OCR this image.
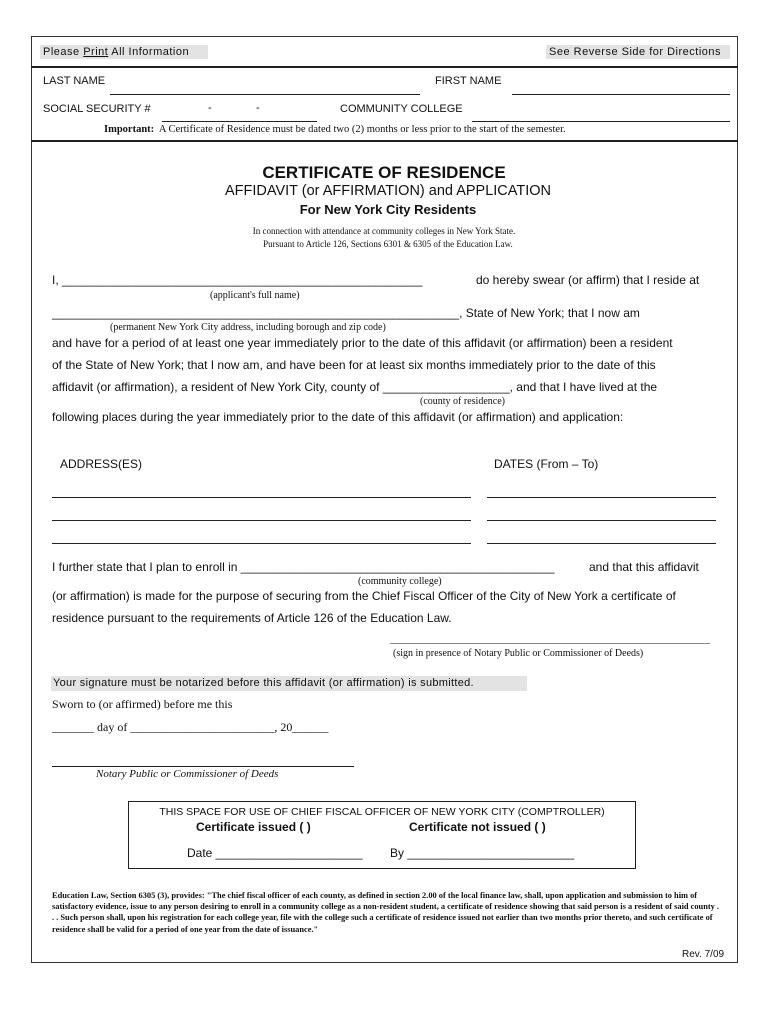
Please Print All Information	See Reverse Side for Directions
LAST NAME	FIRST NAME
SOCIAL SECURITY #	-	-	COMMUNITY COLLEGE
Important: A Certificate of Residence must be dated two (2) months or less prior to the start of the semester.
CERTIFICATE OF RESIDENCE
AFFIDAVIT (or AFFIRMATION) and APPLICATION
For New York City Residents
In connection with attendance at community colleges in New York State.
Pursuant to Article 126, Sections 6301 & 6305 of the Education Law.
I, ______________________________________________________	do hereby swear (or affirm) that I reside at
(applicant's full name)
_____________________________________________________________, State of New York; that I now am
(permanent New York City address, including borough and zip code)
and have for a period of at least one year immediately prior to the date of this affidavit (or affirmation) been a resident
of the State of New York; that I now am, and have been for at least six months immediately prior to the date of this
affidavit (or affirmation), a resident of New York City, county of ___________________, and that I have lived at the
(county of residence)
following places during the year immediately prior to the date of this affidavit (or affirmation) and application:
ADDRESS(ES)	DATES (From – To)
I further state that I plan to enroll in _______________________________________________	and that this affidavit
(community college)
(or affirmation) is made for the purpose of securing from the Chief Fiscal Officer of the City of New York a certificate of
residence pursuant to the requirements of Article 126 of the Education Law.
(sign in presence of Notary Public or Commissioner of Deeds)
Your signature must be notarized before this affidavit (or affirmation) is submitted.
Sworn to (or affirmed) before me this
_______ day of ________________________, 20______
Notary Public or Commissioner of Deeds
THIS SPACE FOR USE OF CHIEF FISCAL OFFICER OF NEW YORK CITY (COMPTROLLER)
Certificate issued ( )	Certificate not issued ( )
Date ______________________ By _________________________
Education Law, Section 6305 (3), provides: "The chief fiscal officer of each county, as defined in section 2.00 of the local finance law, shall, upon application and submission to him of satisfactory evidence, issue to any person desiring to enroll in a community college as a non-resident student, a certificate of residence showing that said person is a resident of said county . . . Such person shall, upon his registration for each college year, file with the college such a certificate of residence issued not earlier than two months prior thereto, and such certificate of residence shall be valid for a period of one year from the date of issuance."
Rev. 7/09
